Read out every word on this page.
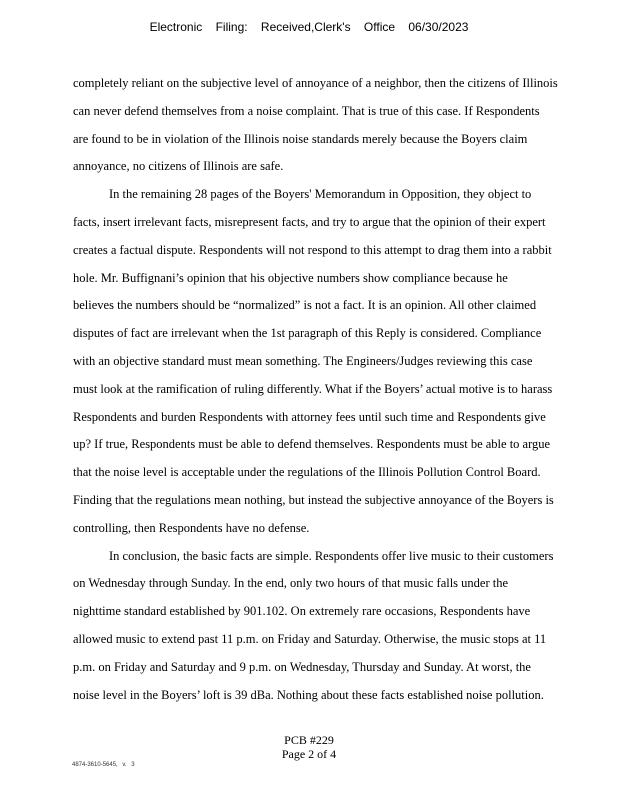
Electronic Filing: Received,Clerk's Office 06/30/2023
completely reliant on the subjective level of annoyance of a neighbor, then the citizens of Illinois
can never defend themselves from a noise complaint. That is true of this case. If Respondents
are found to be in violation of the Illinois noise standards merely because the Boyers claim
annoyance, no citizens of Illinois are safe.
In the remaining 28 pages of the Boyers' Memorandum in Opposition, they object to
facts, insert irrelevant facts, misrepresent facts, and try to argue that the opinion of their expert
creates a factual dispute. Respondents will not respond to this attempt to drag them into a rabbit
hole. Mr. Buffignani’s opinion that his objective numbers show compliance because he
believes the numbers should be “normalized” is not a fact. It is an opinion. All other claimed
disputes of fact are irrelevant when the 1st paragraph of this Reply is considered. Compliance
with an objective standard must mean something. The Engineers/Judges reviewing this case
must look at the ramification of ruling differently. What if the Boyers’ actual motive is to harass
Respondents and burden Respondents with attorney fees until such time and Respondents give
up? If true, Respondents must be able to defend themselves. Respondents must be able to argue
that the noise level is acceptable under the regulations of the Illinois Pollution Control Board.
Finding that the regulations mean nothing, but instead the subjective annoyance of the Boyers is
controlling, then Respondents have no defense.
In conclusion, the basic facts are simple. Respondents offer live music to their customers
on Wednesday through Sunday. In the end, only two hours of that music falls under the
nighttime standard established by 901.102. On extremely rare occasions, Respondents have
allowed music to extend past 11 p.m. on Friday and Saturday. Otherwise, the music stops at 11
p.m. on Friday and Saturday and 9 p.m. on Wednesday, Thursday and Sunday. At worst, the
noise level in the Boyers’ loft is 39 dBa. Nothing about these facts established noise pollution.
PCB #229
Page 2 of 4
4874-3610-5645, v. 3
